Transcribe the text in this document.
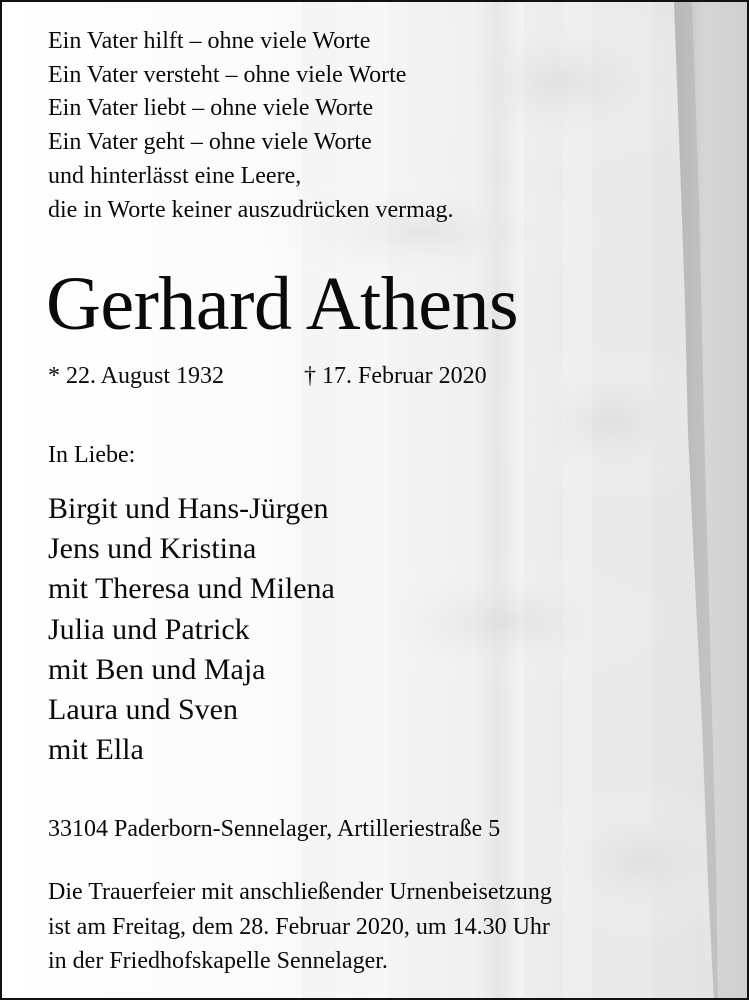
Ein Vater hilft – ohne viele Worte
Ein Vater versteht – ohne viele Worte
Ein Vater liebt – ohne viele Worte
Ein Vater geht – ohne viele Worte
und hinterlässt eine Leere,
die in Worte keiner auszudrücken vermag.
Gerhard Athens
* 22. August 1932	† 17. Februar 2020
In Liebe:
Birgit und Hans-Jürgen
Jens und Kristina
mit Theresa und Milena
Julia und Patrick
mit Ben und Maja
Laura und Sven
mit Ella
33104 Paderborn-Sennelager, Artilleriestraße 5
Die Trauerfeier mit anschließender Urnenbeisetzung
ist am Freitag, dem 28. Februar 2020, um 14.30 Uhr
in der Friedhofskapelle Sennelager.
